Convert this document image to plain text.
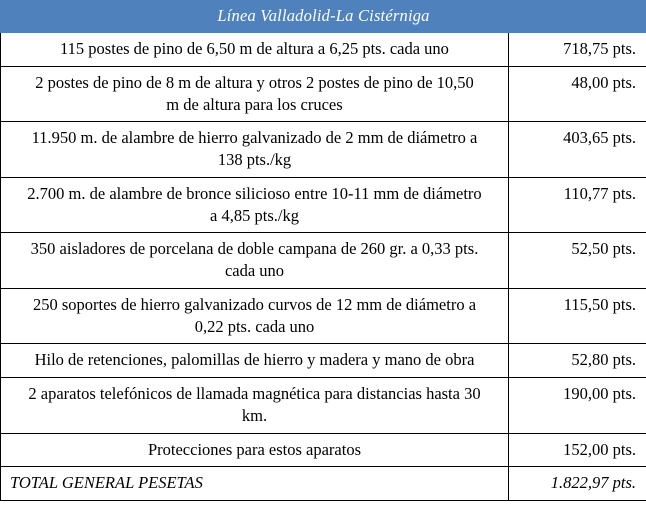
Línea Valladolid-La Cistérniga	
115 postes de pino de 6,50 m de altura a 6,25 pts. cada uno	718,75 pts.
2 postes de pino de 8 m de altura y otros 2 postes de pino de 10,50 m de altura para los cruces	48,00 pts.
11.950 m. de alambre de hierro galvanizado de 2 mm de diámetro a 138 pts./kg	403,65 pts.
2.700 m. de alambre de bronce silicioso entre 10-11 mm de diámetro a 4,85 pts./kg	110,77 pts.
350 aisladores de porcelana de doble campana de 260 gr. a 0,33 pts. cada uno	52,50 pts.
250 soportes de hierro galvanizado curvos de 12 mm de diámetro a 0,22 pts. cada uno	115,50 pts.
Hilo de retenciones, palomillas de hierro y madera y mano de obra	52,80 pts.
2 aparatos telefónicos de llamada magnética para distancias hasta 30 km.	190,00 pts.
Protecciones para estos aparatos	152,00 pts.
TOTAL GENERAL PESETAS	1.822,97 pts.
